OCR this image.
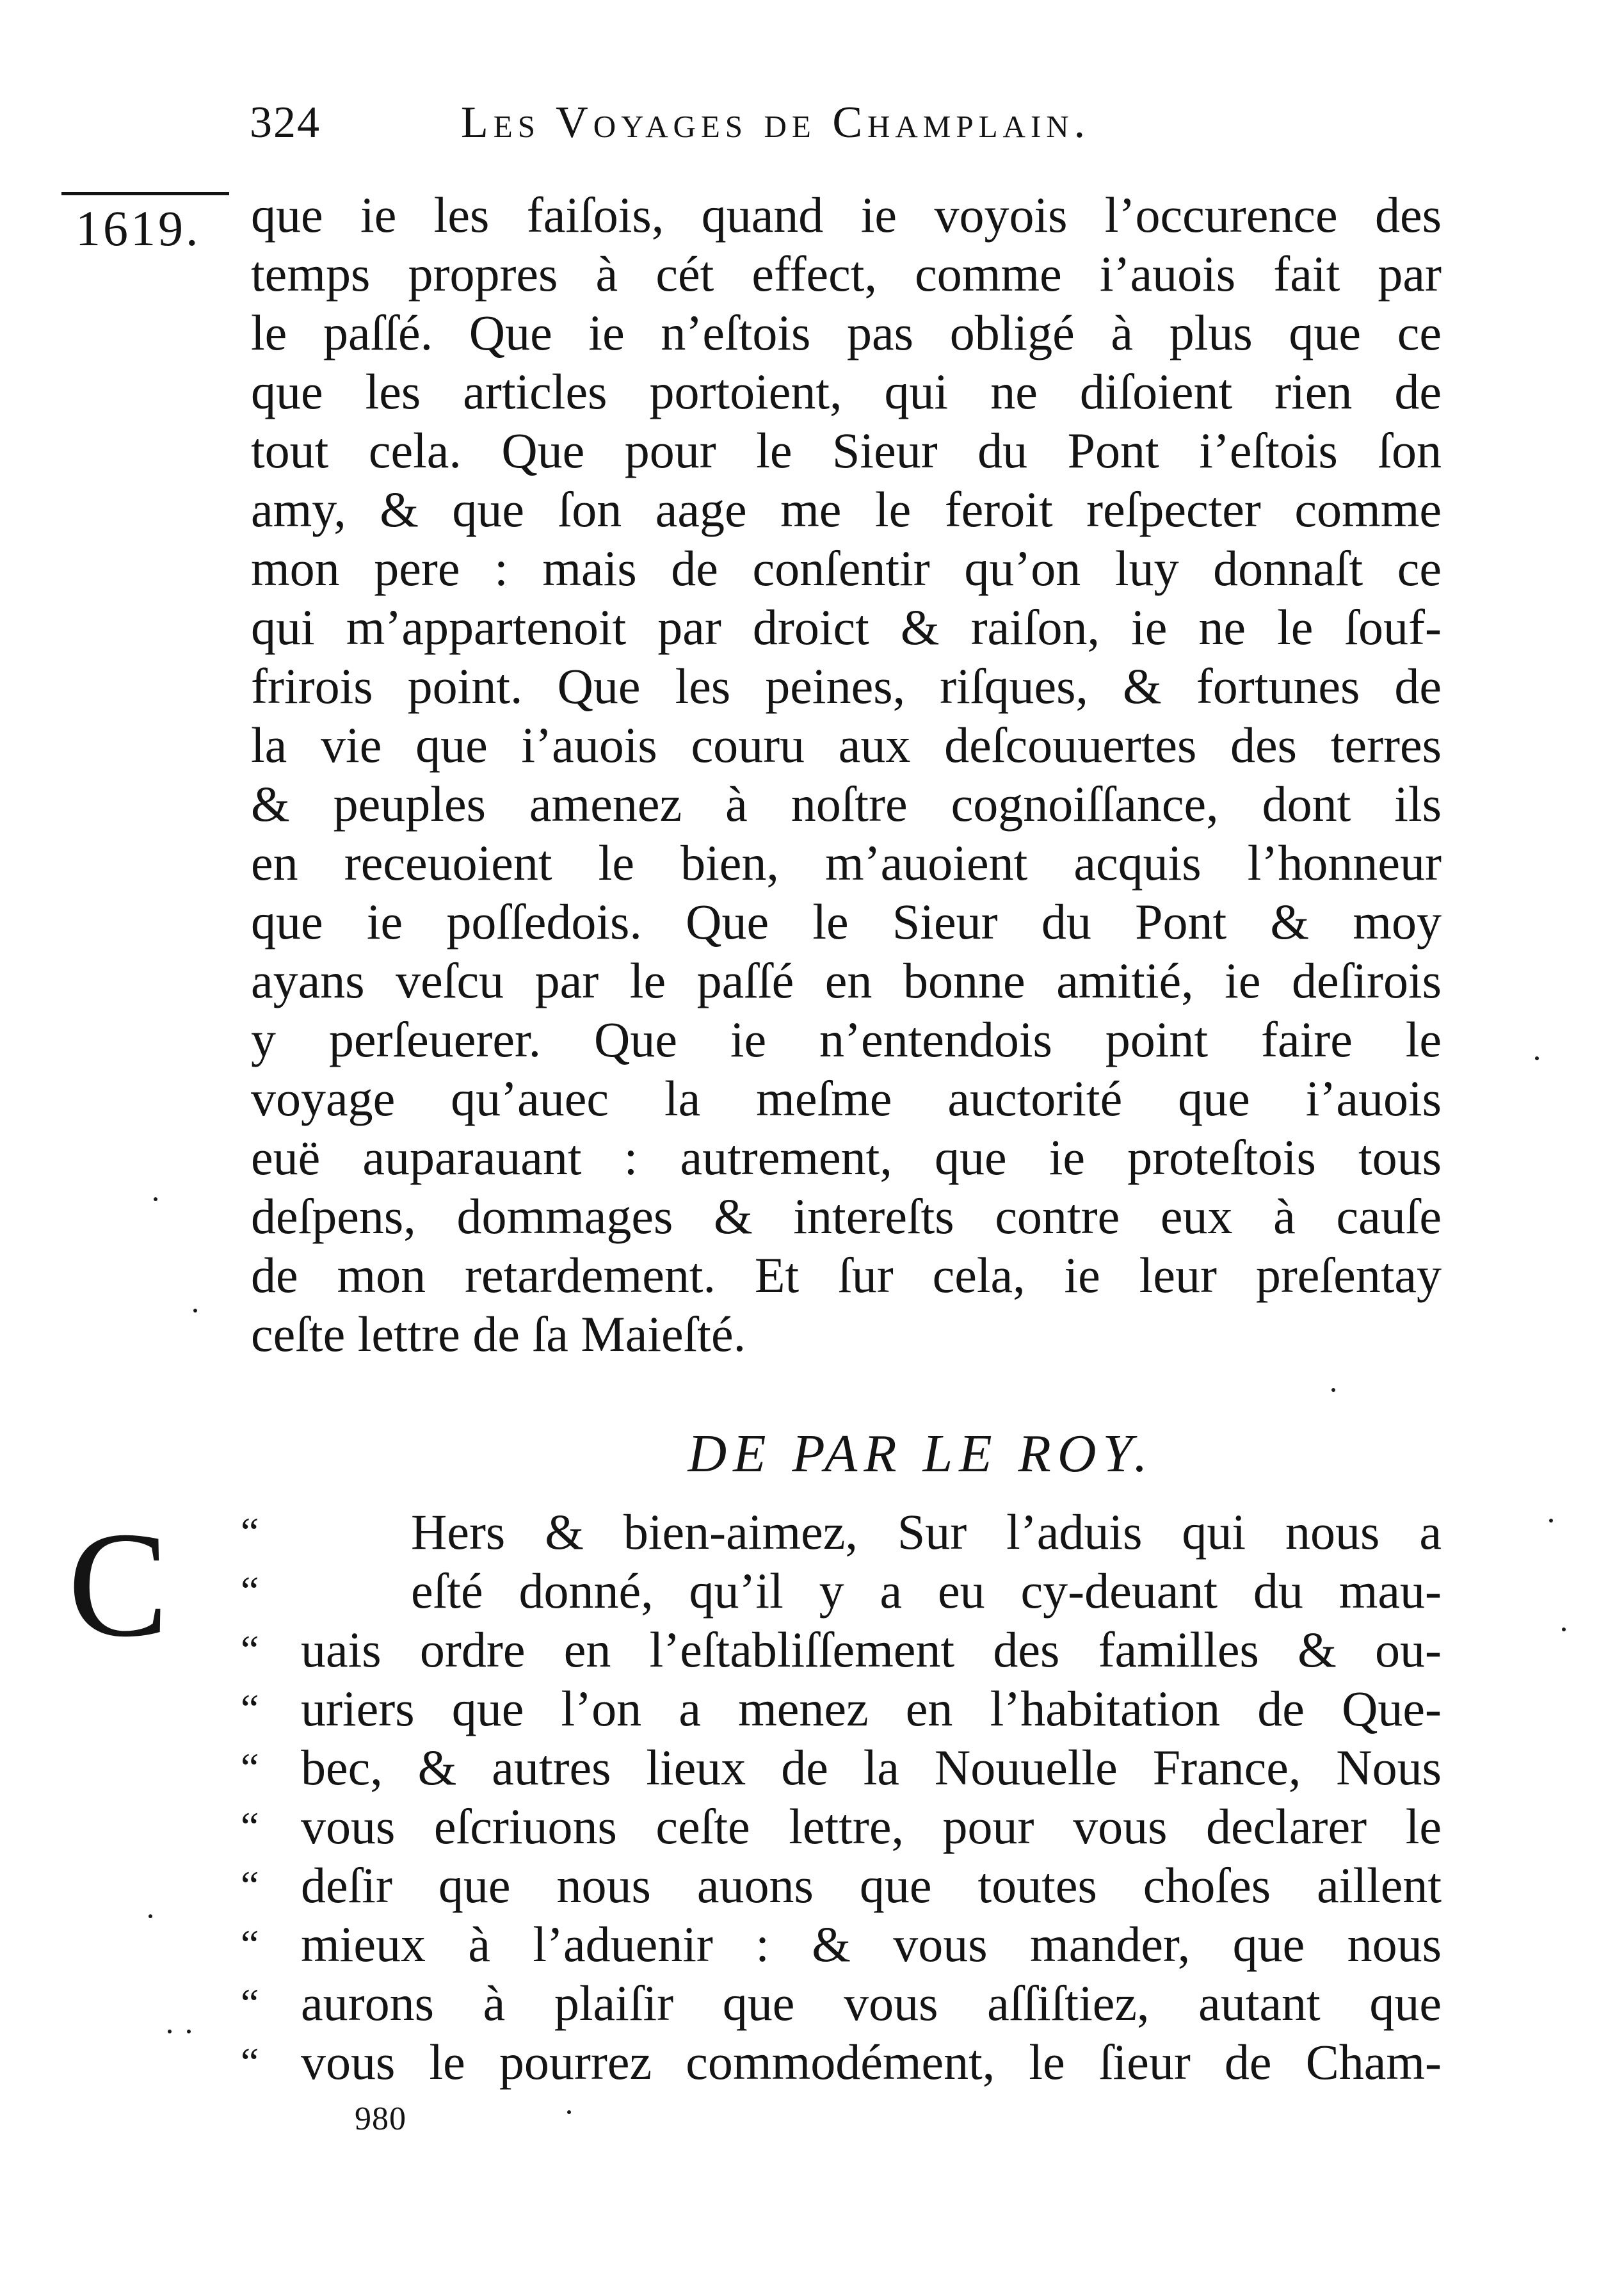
324	Les Voyages de Champlain.
1619. que ie les faiſois, quand ie voyois l’occurence des
temps propres à cét effect, comme i’auois fait par
le paſſé. Que ie n’eſtois pas obligé à plus que ce
que les articles portoient, qui ne diſoient rien de
tout cela. Que pour le Sieur du Pont i’eſtois ſon
amy, & que ſon aage me le feroit reſpecter comme
mon pere : mais de conſentir qu’on luy donnaſt ce
qui m’appartenoit par droict & raiſon, ie ne le ſouf-
frirois point. Que les peines, riſques, & fortunes de
la vie que i’auois couru aux deſcouuertes des terres
& peuples amenez à noſtre cognoiſſance, dont ils
en receuoient le bien, m’auoient acquis l’honneur
que ie poſſedois. Que le Sieur du Pont & moy
ayans veſcu par le paſſé en bonne amitié, ie deſirois
y perſeuerer. Que ie n’entendois point faire le
voyage qu’auec la meſme auctorité que i’auois
euë auparauant : autrement, que ie proteſtois tous
deſpens, dommages & intereſts contre eux à cauſe
de mon retardement. Et ſur cela, ie leur preſentay
ceſte lettre de ſa Maieſté.
DE PAR LE ROY.
C “	Hers & bien-aimez, Sur l’aduis qui nous a
“	eſté donné, qu’il y a eu cy-deuant du mau-
“ uais ordre en l’eſtabliſſement des familles & ou-
“ uriers que l’on a menez en l’habitation de Que-
“ bec, & autres lieux de la Nouuelle France, Nous
“ vous eſcriuons ceſte lettre, pour vous declarer le
“ deſir que nous auons que toutes choſes aillent
“ mieux à l’aduenir : & vous mander, que nous
“ aurons à plaiſir que vous aſſiſtiez, autant que
“ vous le pourrez commodément, le ſieur de Cham-
980
